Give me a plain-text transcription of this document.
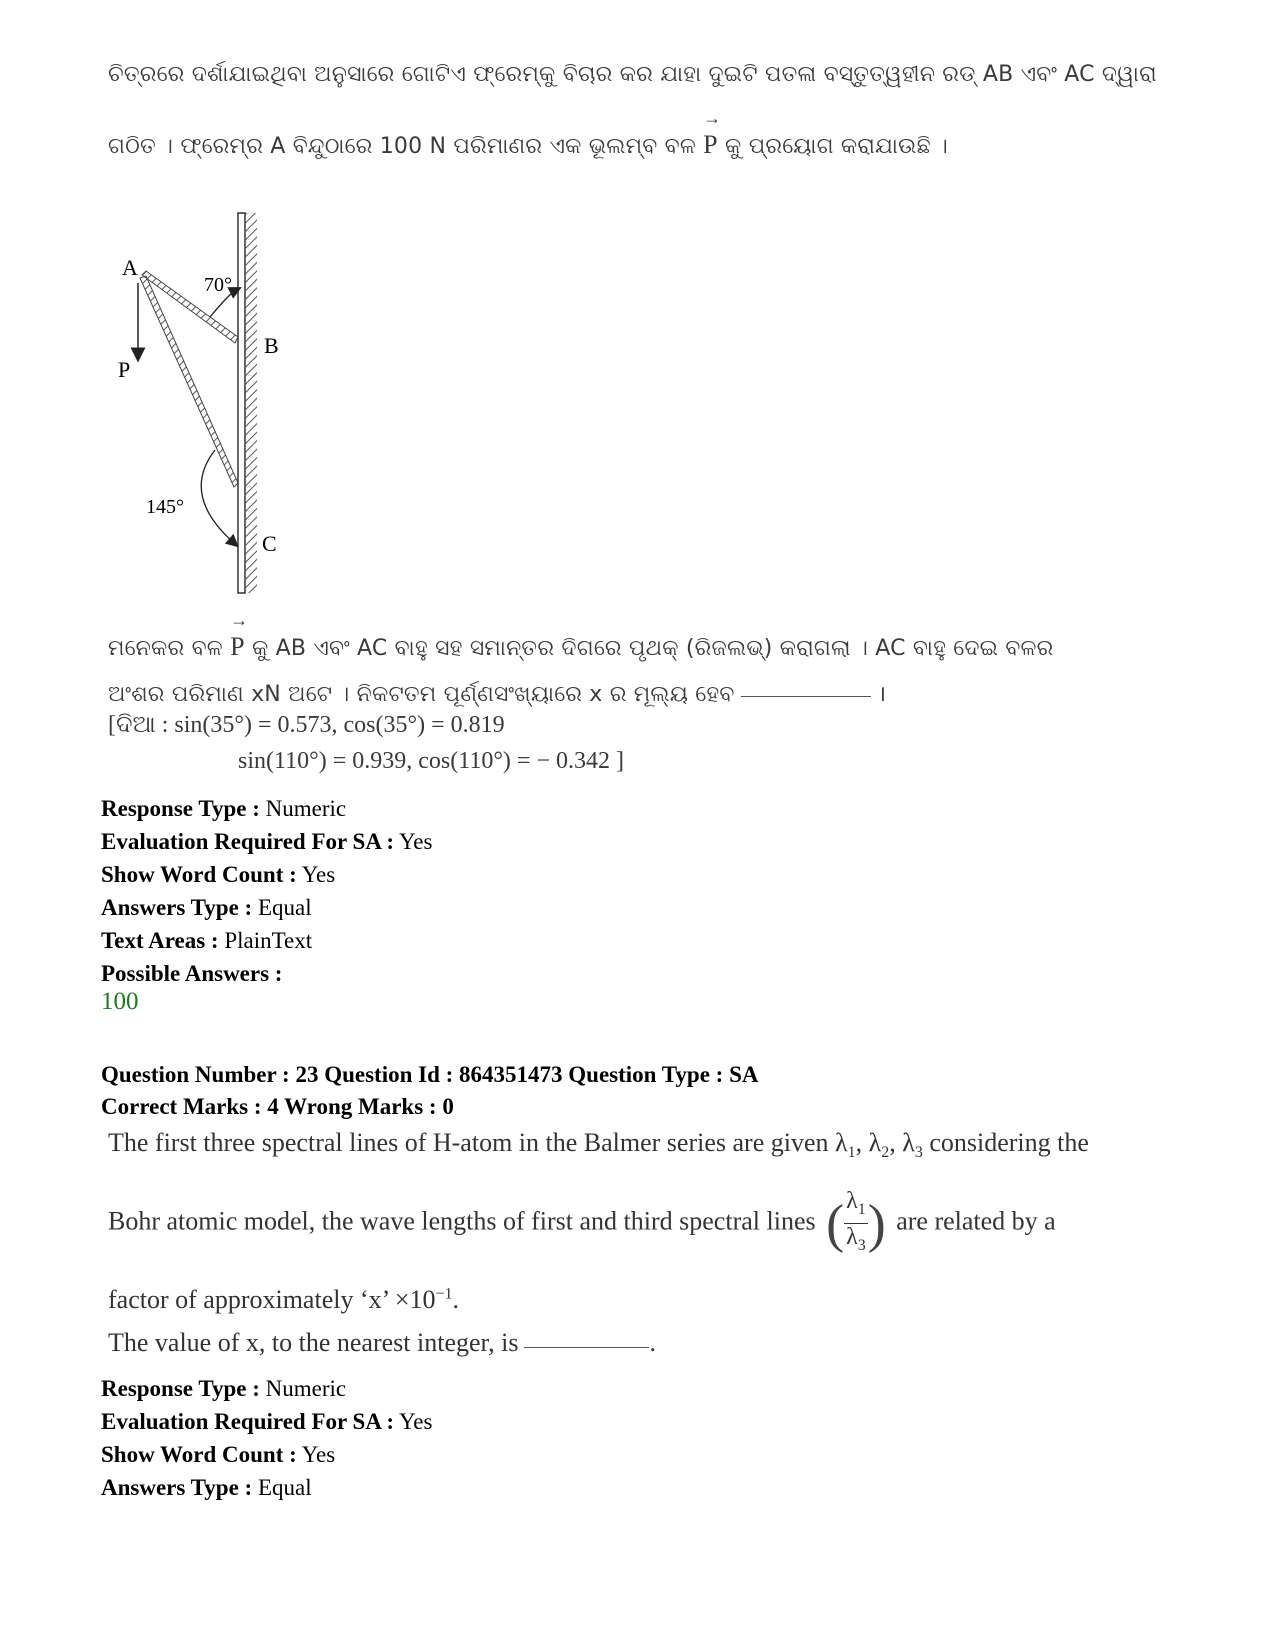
ଚିତ୍ରରେ ଦର୍ଶାଯାଇଥିବା ଅନୁସାରେ ଗୋଟିଏ ଫ୍ରେମ୍‌କୁ ବିଚାର କର ଯାହା ଦୁଇଟି ପତଳା ବସ୍ତୁତ୍ୱହୀନ ରଡ୍ AB ଏବଂ AC ଦ୍ୱାରା
ଗଠିତ । ଫ୍ରେମ୍‌ର A ବିନ୍ଦୁଠାରେ 100 N ପରିମାଣର ଏକ ଭୂଲମ୍ବ ବଳ → P କୁ ପ୍ରୟୋଗ କରାଯାଉଛି ।
A
P
B
C
70°
145°
ମନେକର ବଳ → P କୁ AB ଏବଂ AC ବାହୁ ସହ ସମାନ୍ତର ଦିଗରେ ପୃଥକ୍ (ରିଜଲଭ୍) କରାଗଲା । AC ବାହୁ ଦେଇ ବଳର
ଅଂଶର ପରିମାଣ xN ଅଟେ । ନିକଟତମ ପୂର୍ଣ୍ଣସଂଖ୍ୟାରେ x ର ମୂଲ୍ୟ ହେବ	।
[ଦିଆ : sin(35°) = 0.573, cos(35°) = 0.819
sin(110°) = 0.939, cos(110°) = − 0.342 ]
Response Type : Numeric
Evaluation Required For SA : Yes
Show Word Count : Yes
Answers Type : Equal
Text Areas : PlainText
Possible Answers :
100
Question Number : 23 Question Id : 864351473 Question Type : SA
Correct Marks : 4 Wrong Marks : 0
The first three spectral lines of H-atom in the Balmer series are given $\lambda_1$, $\lambda_2$, $\lambda_3$ considering the
Bohr atomic model, the wave lengths of first and third spectral lines ( $\frac{\lambda_1}{\lambda_3}$ ) are related by a
factor of approximately ‘x’ $\times 10^{-1}$.
The value of x, to the nearest integer, is	.
Response Type : Numeric
Evaluation Required For SA : Yes
Show Word Count : Yes
Answers Type : Equal
